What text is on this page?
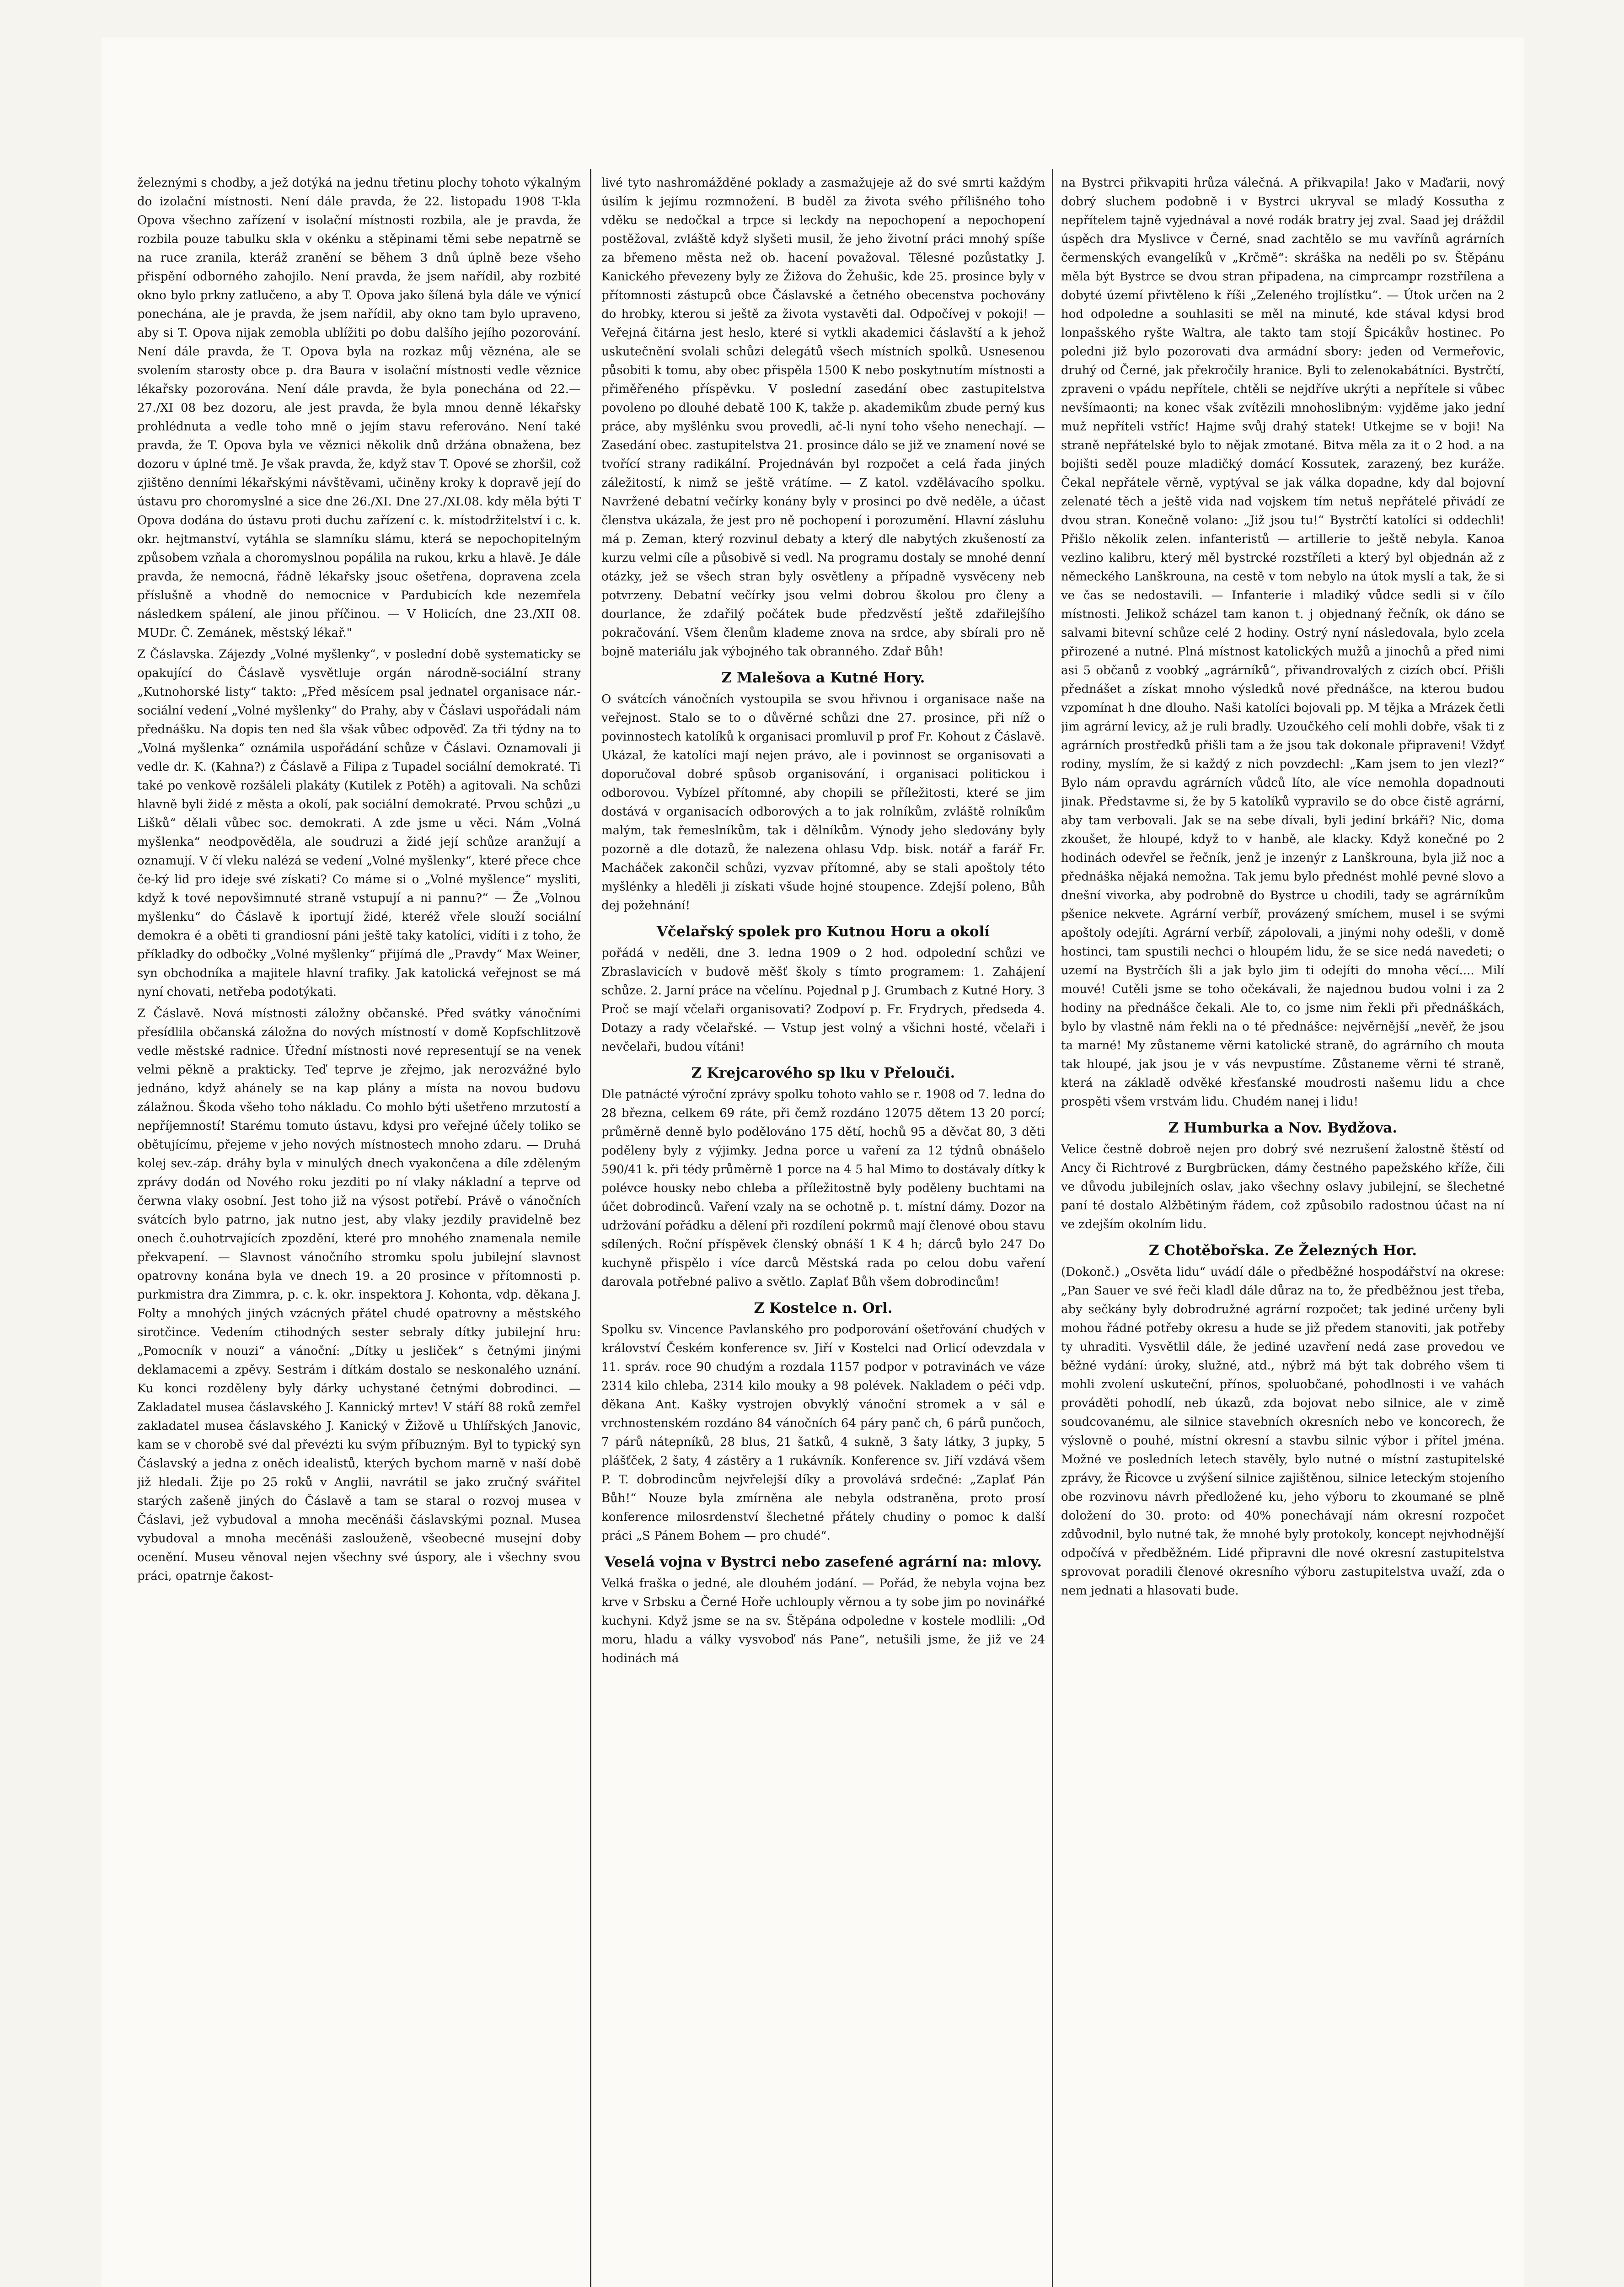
železnými s chodby, a jež dotýká na jednu třetinu plochy tohoto výkalným do izolační místnosti. Není dále pravda, že 22. listopadu 1908 T-kla Opova všechno zařízení v isolační místnosti rozbila, ale je pravda, že rozbila pouze tabulku skla v okénku a stěpinami těmi sebe nepatrně se na ruce zranila, kteráž zranění se během 3 dnů úplně beze všeho přispění odborného zahojilo. Není pravda, že jsem nařídil, aby rozbité okno bylo prkny zatlučeno, a aby T. Opova jako šílená byla dále ve výnicí ponechána, ale je pravda, že jsem nařídil, aby okno tam bylo upraveno, aby si T. Opova nijak zemobla ublížiti po dobu dalšího jejího pozorování. Není dále pravda, že T. Opova byla na rozkaz můj věznéna, ale se svolením starosty obce p. dra Baura v isolační místnosti vedle věznice lékařsky pozorována. Není dále pravda, že byla ponechána od 22.—27./XI 08 bez dozoru, ale jest pravda, že byla mnou denně lékařsky prohlédnuta a vedle toho mně o jejím stavu referováno. Není také pravda, že T. Opova byla ve věznici několik dnů držána obnažena, bez dozoru v úplné tmě. Je však pravda, že, když stav T. Opové se zhoršil, což zjištěno denními lékařskými návštěvami, učiněny kroky k dopravě její do ústavu pro choromyslné a sice dne 26./XI. Dne 27./XI.08. kdy měla býti T Opova dodána do ústavu proti duchu zařízení c. k. místodržitelství i c. k. okr. hejtmanství, vytáhla se slamníku slámu, která se nepochopitelným způsobem vzňala a choromyslnou popálila na rukou, krku a hlavě. Je dále pravda, že nemocná, řádně lékařsky jsouc ošetřena, dopravena zcela příslušně a vhodně do nemocnice v Pardubicích kde nezemřela následkem spálení, ale jinou příčinou. — V Holicích, dne 23./XII 08. MUDr. Č. Zemánek, městský lékař."

Z Čáslavska. Zájezdy „Volné myšlenky“, v poslední době systematicky se opakující do Čáslavě vysvětluje orgán národně-sociální strany „Kutnohorské listy“ takto: „Před měsícem psal jednatel organisace nár.-sociální vedení „Volné myšlenky“ do Prahy, aby v Čáslavi uspořádali nám přednášku. Na dopis ten ned šla však vůbec odpověď. Za tři týdny na to „Volná myšlenka“ oznámila uspořádání schůze v Čáslavi. Oznamovali ji vedle dr. K. (Kahna?) z Čáslavě a Filipa z Tupadel sociální demokraté. Ti také po venkově rozšáleli plakáty (Kutilek z Potěh) a agitovali. Na schůzi hlavně byli židé z města a okolí, pak sociální demokraté. Prvou schůzi „u Lišků“ dělali vůbec soc. demokrati. A zde jsme u věci. Nám „Volná myšlenka“ neodpověděla, ale soudruzi a židé její schůze aranžují a oznamují. V čí vleku nalézá se vedení „Volné myšlenky“, které přece chce če-ký lid pro ideje své získati? Co máme si o „Volné myšlence“ mysliti, když k tové nepovšimnuté straně vstupují a ni pannu?“ — Že „Volnou myšlenku“ do Čáslavě k iportují židé, kteréž vřele slouží sociální demokra é a oběti ti grandiosní páni ještě taky katolíci, vidíti i z toho, že příkladky do odbočky „Volné myšlenky“ přijímá dle „Pravdy“ Max Weiner, syn obchodníka a majitele hlavní trafiky. Jak katolická veřejnost se má nyní chovati, netřeba podotýkati.

Z Čáslavě. Nová místnosti záložny občanské. Před svátky vánočními přesídlila občanská záložna do nových místností v domě Kopfschlitzově vedle městské radnice. Úřední místnosti nové representují se na venek velmi pěkně a prakticky. Teď teprve je zřejmo, jak nerozvážné bylo jednáno, když ahánely se na kap plány a místa na novou budovu zálažnou. Škoda všeho toho nákladu. Co mohlo býti ušetřeno mrzutostí a nepříjemností! Starému tomuto ústavu, kdysi pro veřejné účely toliko se obětujícímu, přejeme v jeho nových místnostech mnoho zdaru. — Druhá kolej sev.-záp. dráhy byla v minulých dnech vyakončena a díle zděleným zprávy dodán od Nového roku jezditi po ní vlaky nákladní a teprve od čerwna vlaky osobní. Jest toho již na výsost potřebí. Právě o vánočních svátcích bylo patrno, jak nutno jest, aby vlaky jezdily pravidelně bez onech č.ouhotrvajících zpozdění, které pro mnohého znamenala nemile překvapení. — Slavnost vánočního stromku spolu jubilejní slavnost opatrovny konána byla ve dnech 19. a 20 prosince v přítomnosti p. purkmistra dra Zimmra, p. c. k. okr. inspektora J. Kohonta, vdp. děkana J. Folty a mnohých jiných vzácných přátel chudé opatrovny a městského sirotčince. Vedením ctihodných sester sebraly dítky jubilejní hru: „Pomocník v nouzi“ a vánoční: „Dítky u jesliček“ s četnými jinými deklamacemi a zpěvy. Sestrám i dítkám dostalo se neskonalého uznání. Ku konci rozděleny byly dárky uchystané četnými dobrodinci. — Zakladatel musea čáslavského J. Kannický mrtev! V stáří 88 roků zemřel zakladatel musea čáslavského J. Kanický v Žižově u Uhlířských Janovic, kam se v chorobě své dal převézti ku svým příbuzným. Byl to typický syn Čáslavský a jedna z oněch idealistů, kterých bychom marně v naší době již hledali. Žije po 25 roků v Anglii, navrátil se jako zručný svářitel starých zašeně jiných do Čáslavě a tam se staral o rozvoj musea v Čáslavi, jež vybudoval a mnoha mecěnáši čáslavskými poznal. Musea vybudoval a mnoha mecěnáši zaslouženě, všeobecné musejní doby ocenění. Museu věnoval nejen všechny své úspory, ale i všechny svou práci, opatrnje čakost-

livé tyto nashromážděné poklady a zasmažujeje až do své smrti každým úsilím k jejímu rozmnožení. B buděl za života svého přílišného toho vděku se nedočkal a trpce si leckdy na nepochopení a nepochopení postěžoval, zvláště když slyšeti musil, že jeho životní práci mnohý spíše za břemeno města než ob. hacení považoval. Tělesné pozůstatky J. Kanického převezeny byly ze Žižova do Žehušic, kde 25. prosince byly v přítomnosti zástupců obce Čáslavské a četného obecenstva pochovány do hrobky, kterou si ještě za života vystavěti dal. Odpočívej v pokoji! — Veřejná čitárna jest heslo, které si vytkli akademici čáslavští a k jehož uskutečnění svolali schůzi delegátů všech místních spolků. Usnesenou působiti k tomu, aby obec přispěla 1500 K nebo poskytnutím místnosti a přiměřeného příspěvku. V poslední zasedání obec zastupitelstva povoleno po dlouhé debatě 100 K, takže p. akademikům zbude perný kus práce, aby myšlénku svou provedli, ač-li nyní toho všeho nenechají. — Zasedání obec. zastupitelstva 21. prosince dálo se již ve znamení nové se tvořící strany radikální. Projednáván byl rozpočet a celá řada jiných záležitostí, k nimž se ještě vrátíme. — Z katol. vzdělávacího spolku. Navržené debatní večírky konány byly v prosinci po dvě neděle, a účast členstva ukázala, že jest pro ně pochopení i porozumění. Hlavní zásluhu má p. Zeman, který rozvinul debaty a který dle nabytých zkušeností za kurzu velmi cíle a působivě si vedl. Na programu dostaly se mnohé denní otázky, jež se všech stran byly osvětleny a případně vysvěceny neb potvrzeny. Debatní večírky jsou velmi dobrou školou pro členy a dourlance, že zdařilý počátek bude předzvěstí ještě zdařilejšího pokračování. Všem členům klademe znova na srdce, aby sbírali pro ně bojně materiálu jak výbojného tak obranného. Zdař Bůh!

Z Malešova a Kutné Hory.

O svátcích vánočních vystoupila se svou hřivnou i organisace naše na veřejnost. Stalo se to o důvěrné schůzi dne 27. prosince, při níž o povinnostech katolíků k organisaci promluvil p prof Fr. Kohout z Čáslavě. Ukázal, že katolíci mají nejen právo, ale i povinnost se organisovati a doporučoval dobré spůsob organisování, i organisaci politickou i odborovou. Vybízel přítomné, aby chopili se příležitosti, které se jim dostává v organisacích odborových a to jak rolníkům, zvláště rolníkům malým, tak řemeslníkům, tak i dělníkům. Výnody jeho sledovány byly pozorně a dle dotazů, že nalezena ohlasu Vdp. bisk. notář a farář Fr. Macháček zakončil schůzi, vyzvav přítomné, aby se stali apoštoly této myšlénky a hleděli ji získati všude hojné stoupence. Zdejší poleno, Bůh dej požehnání!

Včelařský spolek pro Kutnou Horu a okolí

pořádá v neděli, dne 3. ledna 1909 o 2 hod. odpolední schůzi ve Zbraslavicích v budově měšť školy s tímto programem: 1. Zahájení schůze. 2. Jarní práce na včelínu. Pojednal p J. Grumbach z Kutné Hory. 3 Proč se mají včelaři organisovati? Zodpoví p. Fr. Frydrych, předseda 4. Dotazy a rady včelařské. — Vstup jest volný a všichni hosté, včelaři i nevčelaři, budou vítáni!

Z Krejcarového sp lku v Přelouči.

Dle patnácté výroční zprávy spolku tohoto vahlo se r. 1908 od 7. ledna do 28 března, celkem 69 ráte, při čemž rozdáno 12075 dětem 13 20 porcí; průměrně denně bylo podělováno 175 dětí, hochů 95 a děvčat 80, 3 děti poděleny byly z výjimky. Jedna porce u vaření za 12 týdnů obnášelo 590/41 k. při tédy průměrně 1 porce na 4 5 hal Mimo to dostávaly dítky k polévce housky nebo chleba a příležitostně byly poděleny buchtami na účet dobrodinců. Vaření vzaly na se ochotně p. t. místní dámy. Dozor na udržování pořádku a dělení při rozdílení pokrmů mají členové obou stavu sdílených. Roční příspěvek členský obnáší 1 K 4 h; dárců bylo 247 Do kuchyně přispělo i více darců Městská rada po celou dobu vaření darovala potřebné palivo a světlo. Zaplať Bůh všem dobrodincům!

Z Kostelce n. Orl.

Spolku sv. Vincence Pavlanského pro podporování ošetřování chudých v království Českém konference sv. Jiří v Kostelci nad Orlicí odevzdala v 11. správ. roce 90 chudým a rozdala 1157 podpor v potravinách ve váze 2314 kilo chleba, 2314 kilo mouky a 98 polévek. Nakladem o péči vdp. děkana Ant. Kašky vystrojen obvyklý vánoční stromek a v sál e vrchnostenském rozdáno 84 vánočních 64 páry panč ch, 6 párů punčoch, 7 párů nátepníků, 28 blus, 21 šatků, 4 sukně, 3 šaty látky, 3 jupky, 5 plášťček, 2 šaty, 4 zástěry a 1 rukávník. Konference sv. Jiří vzdává všem P. T. dobrodincům nejvřelejší díky a provolává srdečné: „Zaplať Pán Bůh!“ Nouze byla zmírněna ale nebyla odstraněna, proto prosí konference milosrdenství šlechetné přátely chudiny o pomoc k další práci „S Pánem Bohem — pro chudé“.

Veselá vojna v Bystrci nebo zasefené agrární na: mlovy.

Velká fraška o jedné, ale dlouhém jodání. — Pořád, že nebyla vojna bez krve v Srbsku a Černé Hoře uchlouply věrnou a ty sobe jim po novinářké kuchyni. Když jsme se na sv. Štěpána odpoledne v kostele modlili: „Od moru, hladu a války vysvoboď nás Pane“, netušili jsme, že již ve 24 hodinách má

na Bystrci přikvapiti hrůza válečná. A přikvapila! Jako v Maďarii, nový dobrý sluchem podobně i v Bystrci ukryval se mladý Kossutha z nepřítelem tajně vyjednával a nové rodák bratry jej zval. Saad jej dráždil úspěch dra Myslivce v Černé, snad zachtělo se mu vavřínů agrárních čermenských evangelíků v „Krčmě“: skráška na neděli po sv. Štěpánu měla být Bystrce se dvou stran připadena, na cimprcampr rozstřílena a dobyté území přivtěleno k říši „Zeleného trojlístku“. — Útok určen na 2 hod odpoledne a souhlasiti se měl na minuté, kde stával kdysi brod lonpašského ryšte Waltra, ale takto tam stojí Špicákův hostinec. Po poledni již bylo pozorovati dva armádní sbory: jeden od Vermeřovic, druhý od Černé, jak překročily hranice. Byli to zelenokabátníci. Bystrčtí, zpraveni o vpádu nepřítele, chtěli se nejdříve ukrýti a nepřítele si vůbec nevšímaonti; na konec však zvítězili mnohoslibným: vyjděme jako jední muž nepříteli vstříc! Hajme svůj drahý statek! Utkejme se v boji! Na straně nepřátelské bylo to nějak zmotané. Bitva měla za it o 2 hod. a na bojišti seděl pouze mladičký domácí Kossutek, zarazený, bez kuráže. Čekal nepřátele věrně, vyptýval se jak válka dopadne, kdy dal bojovní zelenaté těch a ještě vida nad vojskem tím netuš nepřátelé přivádí ze dvou stran. Konečně volano: „Již jsou tu!“ Bystrčtí katolíci si oddechli! Přišlo několik zelen. infanteristů — artillerie to ještě nebyla. Kanoa vezlino kalibru, který měl bystrcké rozstříleti a který byl objednán až z německého Lanškrouna, na cestě v tom nebylo na útok myslí a tak, že si ve čas se nedostavili. — Infanterie i mladiký vůdce sedli si v čílo místnosti. Jelikož scházel tam kanon t. j objednaný řečník, ok dáno se salvami bitevní schůze celé 2 hodiny. Ostrý nyní následovala, bylo zcela přirozené a nutné. Plná místnost katolických mužů a jinochů a před nimi asi 5 občanů z voobký „agrárníků“, přivandrovalých z cizích obcí. Přišli přednášet a získat mnoho výsledků nové přednášce, na kterou budou vzpomínat h dne dlouho. Naši katolíci bojovali pp. M tějka a Mrázek četli jim agrární levicy, až je ruli bradly. Uzoučkého celí mohli dobře, však ti z agrárních prostředků přišli tam a že jsou tak dokonale připraveni! Vždyť rodiny, myslím, že si každý z nich povzdechl: „Kam jsem to jen vlezl?“ Bylo nám opravdu agrárních vůdců líto, ale více nemohla dopadnouti jinak. Představme si, že by 5 katolíků vypravilo se do obce čistě agrární, aby tam verbovali. Jak se na sebe dívali, byli jediní brkáři? Nic, doma zkoušet, že hloupé, když to v hanbě, ale klacky. Když konečné po 2 hodinách odevřel se řečník, jenž je inzenýr z Lanškrouna, byla již noc a přednáška nějaká nemožna. Tak jemu bylo přednést mohlé pevné slovo a dnešní vivorka, aby podrobně do Bystrce u chodili, tady se agrárníkům pšenice nekvete. Agrární verbíř, provázený smíchem, musel i se svými apoštoly odejíti. Agrární verbíř, zápolovali, a jinými nohy odešli, v domě hostinci, tam spustili nechci o hloupém lidu, že se sice nedá navedeti; o uzemí na Bystrčích šli a jak bylo jim ti odejíti do mnoha věcí.... Milí mouvé! Cutěli jsme se toho očekávali, že najednou budou volni i za 2 hodiny na přednášce čekali. Ale to, co jsme nim řekli při přednáškách, bylo by vlastně nám řekli na o té přednášce: nejvěrnější „nevěř, že jsou ta marné! My zůstaneme věrni katolické straně, do agrárního ch mouta tak hloupé, jak jsou je v vás nevpustíme. Zůstaneme věrni té straně, která na základě odvěké křesťanské moudrosti našemu lidu a chce prospěti všem vrstvám lidu. Chudém nanej i lidu!

Z Humburka a Nov. Bydžova.

Velice čestně dobroě nejen pro dobrý své nezrušení žalostně štěstí od Ancy či Richtrové z Burgbrücken, dámy čestného papežského kříže, čili ve důvodu jubilejních oslav, jako všechny oslavy jubilejní, se šlechetné paní té dostalo Alžbětiným řádem, což způsobilo radostnou účast na ní ve zdejším okolním lidu.

Z Chotěbořska. Ze Železných Hor.

(Dokonč.) „Osvěta lidu“ uvádí dále o předběžné hospodářství na okrese: „Pan Sauer ve své řeči kladl dále důraz na to, že předběžnou jest třeba, aby sečkány byly dobrodružné agrární rozpočet; tak jediné určeny byli mohou řádné potřeby okresu a hude se již předem stanoviti, jak potřeby ty uhraditi. Vysvětlil dále, že jediné uzavření nedá zase provedou ve běžné vydání: úroky, služné, atd., nýbrž má být tak dobrého všem ti mohli zvolení uskuteční, přínos, spoluobčané, pohodlnosti i ve vahách prováděti pohodlí, neb úkazů, zda bojovat nebo silnice, ale v zimě soudcovanému, ale silnice stavebních okresních nebo ve koncorech, že výslovně o pouhé, místní okresní a stavbu silnic výbor i přítel jména. Možné ve posledních letech stavěly, bylo nutné o místní zastupitelské zprávy, že Řicovce u zvýšení silnice zajištěnou, silnice leteckým stojeního obe rozvinovu návrh předložené ku, jeho výboru to zkoumané se plně doložení do 30. proto: od 40% ponechávají nám okresní rozpočet zdůvodnil, bylo nutné tak, že mnohé byly protokoly, koncept nejvhodnější odpočívá v předběžném. Lidé připravni dle nové okresní zastupitelstva sprovovat poradili členové okresního výboru zastupitelstva uvaží, zda o nem jednati a hlasovati bude.
